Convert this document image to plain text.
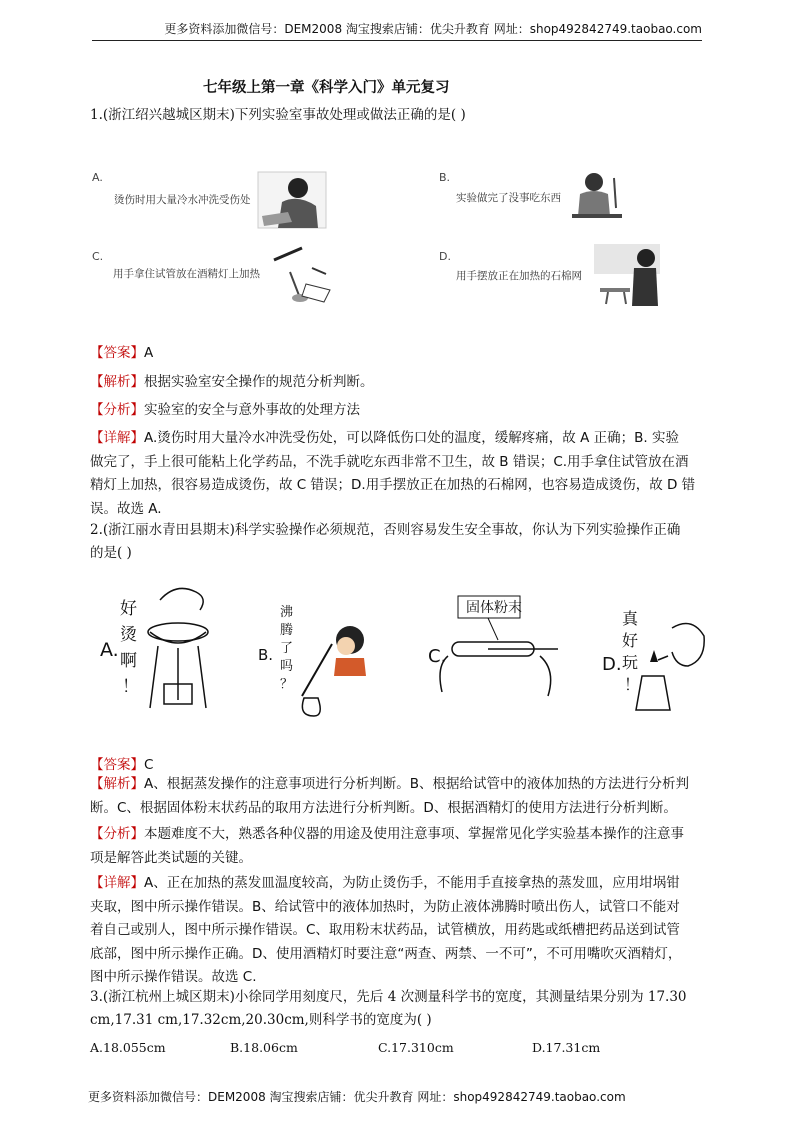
更多资料添加微信号：DEM2008 淘宝搜索店铺：优尖升教育 网址：shop492842749.taobao.com
七年级上第一章《科学入门》单元复习
1.(浙江绍兴越城区期末)下列实验室事故处理或做法正确的是( )
A.
烫伤时用大量冷水冲洗受伤处
B.
实验做完了没事吃东西
C.
用手拿住试管放在酒精灯上加热
D.
用手摆放正在加热的石棉网
【答案】A
【解析】根据实验室安全操作的规范分析判断。
【分析】实验室的安全与意外事故的处理方法
【详解】A.烫伤时用大量冷水冲洗受伤处，可以降低伤口处的温度，缓解疼痛，故 A 正确；B. 实验
做完了，手上很可能粘上化学药品，不洗手就吃东西非常不卫生，故 B 错误；C.用手拿住试管放在酒
精灯上加热，很容易造成烫伤，故 C 错误；D.用手摆放正在加热的石棉网，也容易造成烫伤，故 D 错
误。故选 A.
2.(浙江丽水青田县期末)科学实验操作必须规范，否则容易发生安全事故，你认为下列实验操作正确
的是( )
好
烫
啊
！
A.
沸
腾
了
吗
？
B.
固体粉末
C.
真
好
玩
！
D.
【答案】C
【解析】A、根据蒸发操作的注意事项进行分析判断。B、根据给试管中的液体加热的方法进行分析判
断。C、根据固体粉末状药品的取用方法进行分析判断。D、根据酒精灯的使用方法进行分析判断。
【分析】本题难度不大，熟悉各种仪器的用途及使用注意事项、掌握常见化学实验基本操作的注意事
项是解答此类试题的关键。
【详解】A、正在加热的蒸发皿温度较高，为防止烫伤手，不能用手直接拿热的蒸发皿，应用坩埚钳
夹取，图中所示操作错误。B、给试管中的液体加热时，为防止液体沸腾时喷出伤人，试管口不能对
着自己或别人，图中所示操作错误。C、取用粉末状药品，试管横放，用药匙或纸槽把药品送到试管
底部，图中所示操作正确。D、使用酒精灯时要注意“两查、两禁、一不可”，不可用嘴吹灭酒精灯，
图中所示操作错误。故选 C.
3.(浙江杭州上城区期末)小徐同学用刻度尺，先后 4 次测量科学书的宽度，其测量结果分别为 17.30
cm,17.31 cm,17.32cm,20.30cm,则科学书的宽度为( )
A.18.055cm	B.18.06cm	C.17.310cm	D.17.31cm
更多资料添加微信号：DEM2008 淘宝搜索店铺：优尖升教育 网址：shop492842749.taobao.com
